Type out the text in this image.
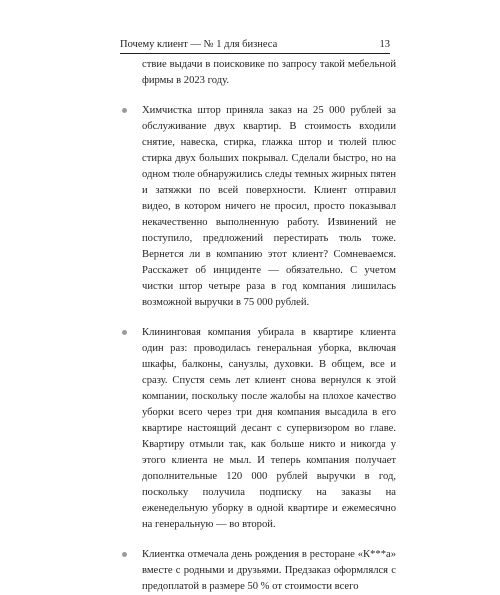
Почему клиент — № 1 для бизнеса	13

ствие выдачи в поисковике по запросу такой мебельной фирмы в 2023 году.

Химчистка штор приняла заказ на 25 000 рублей за обслуживание двух квартир. В стоимость входили снятие, навеска, стирка, глажка штор и тюлей плюс стирка двух больших покрывал. Сделали быстро, но на одном тюле обнаружились следы темных жирных пятен и затяжки по всей поверхности. Клиент отправил видео, в котором ничего не просил, просто показывал некачественно выполненную работу. Извинений не поступило, предложений перестирать тюль тоже. Вернется ли в компанию этот клиент? Сомневаемся. Расскажет об инциденте — обязательно. С учетом чистки штор четыре раза в год компания лишилась возможной выручки в 75 000 рублей.
Клининговая компания убирала в квартире клиента один раз: проводилась генеральная уборка, включая шкафы, балконы, санузлы, духовки. В общем, все и сразу. Спустя семь лет клиент снова вернулся к этой компании, поскольку после жалобы на плохое качество уборки всего через три дня компания высадила в его квартире настоящий десант с супервизором во главе. Квартиру отмыли так, как больше никто и никогда у этого клиента не мыл. И теперь компания получает дополнительные 120 000 рублей выручки в год, поскольку получила подписку на заказы на еженедельную уборку в одной квартире и ежемесячно на генеральную — во второй.
Клиентка отмечала день рождения в ресторане «К***а» вместе с родными и друзьями. Предзаказ оформлялся с предоплатой в размере 50 % от стоимости всего
